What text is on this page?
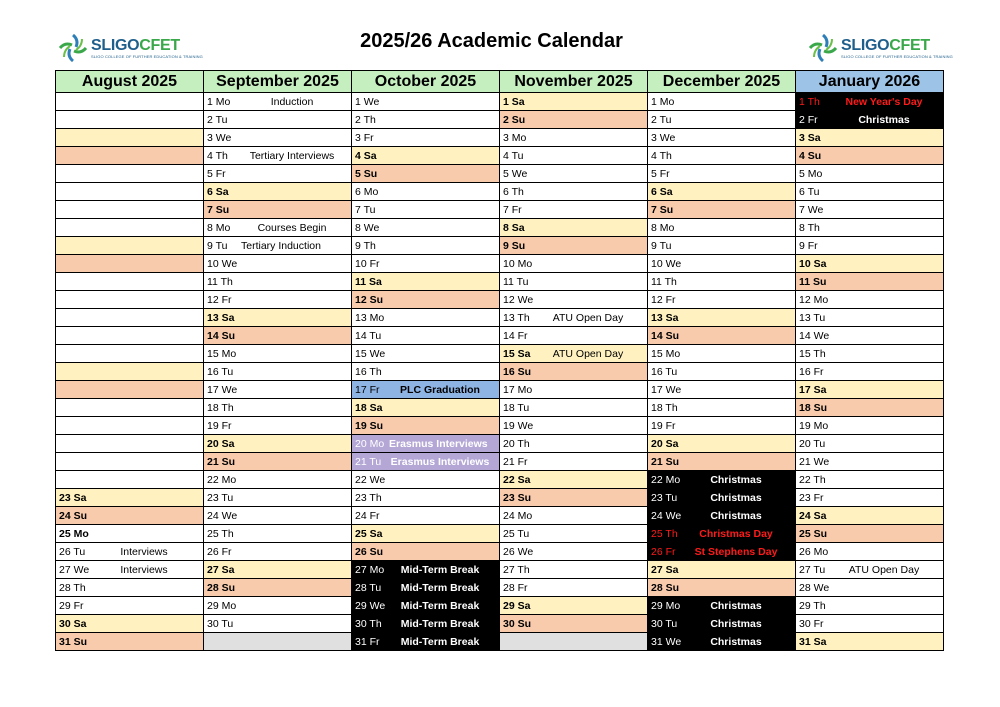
SLIGOCFET
SLIGO COLLEGE OF FURTHER EDUCATION & TRAINING
2025/26 Academic Calendar	SLIGOCFET
SLIGO COLLEGE OF FURTHER EDUCATION & TRAINING
August 2025	September 2025	October 2025	November 2025	December 2025	January 2026
	1 Mo Induction	1 We	1 Sa	1 Mo	1 Th New Year's Day
	2 Tu	2 Th	2 Su	2 Tu	2 Fr Christmas
	3 We	3 Fr	3 Mo	3 We	3 Sa
	4 Th Tertiary Interviews	4 Sa	4 Tu	4 Th	4 Su
	5 Fr	5 Su	5 We	5 Fr	5 Mo
	6 Sa	6 Mo	6 Th	6 Sa	6 Tu
	7 Su	7 Tu	7 Fr	7 Su	7 We
	8 Mo Courses Begin	8 We	8 Sa	8 Mo	8 Th
	9 Tu Tertiary Induction	9 Th	9 Su	9 Tu	9 Fr
	10 We	10 Fr	10 Mo	10 We	10 Sa
	11 Th	11 Sa	11 Tu	11 Th	11 Su
	12 Fr	12 Su	12 We	12 Fr	12 Mo
	13 Sa	13 Mo	13 Th ATU Open Day	13 Sa	13 Tu
	14 Su	14 Tu	14 Fr	14 Su	14 We
	15 Mo	15 We	15 Sa ATU Open Day	15 Mo	15 Th
	16 Tu	16 Th	16 Su	16 Tu	16 Fr
	17 We	17 Fr PLC Graduation	17 Mo	17 We	17 Sa
	18 Th	18 Sa	18 Tu	18 Th	18 Su
	19 Fr	19 Su	19 We	19 Fr	19 Mo
	20 Sa	20 Mo Erasmus Interviews	20 Th	20 Sa	20 Tu
	21 Su	21 Tu Erasmus Interviews	21 Fr	21 Su	21 We
	22 Mo	22 We	22 Sa	22 Mo Christmas	22 Th
23 Sa	23 Tu	23 Th	23 Su	23 Tu Christmas	23 Fr
24 Su	24 We	24 Fr	24 Mo	24 We Christmas	24 Sa
25 Mo	25 Th	25 Sa	25 Tu	25 Th Christmas Day	25 Su
26 Tu Interviews	26 Fr	26 Su	26 We	26 Fr St Stephens Day	26 Mo
27 We Interviews	27 Sa	27 Mo Mid-Term Break	27 Th	27 Sa	27 Tu ATU Open Day
28 Th	28 Su	28 Tu Mid-Term Break	28 Fr	28 Su	28 We
29 Fr	29 Mo	29 We Mid-Term Break	29 Sa	29 Mo Christmas	29 Th
30 Sa	30 Tu	30 Th Mid-Term Break	30 Su	30 Tu Christmas	30 Fr
31 Su		31 Fr Mid-Term Break		31 We Christmas	31 Sa
